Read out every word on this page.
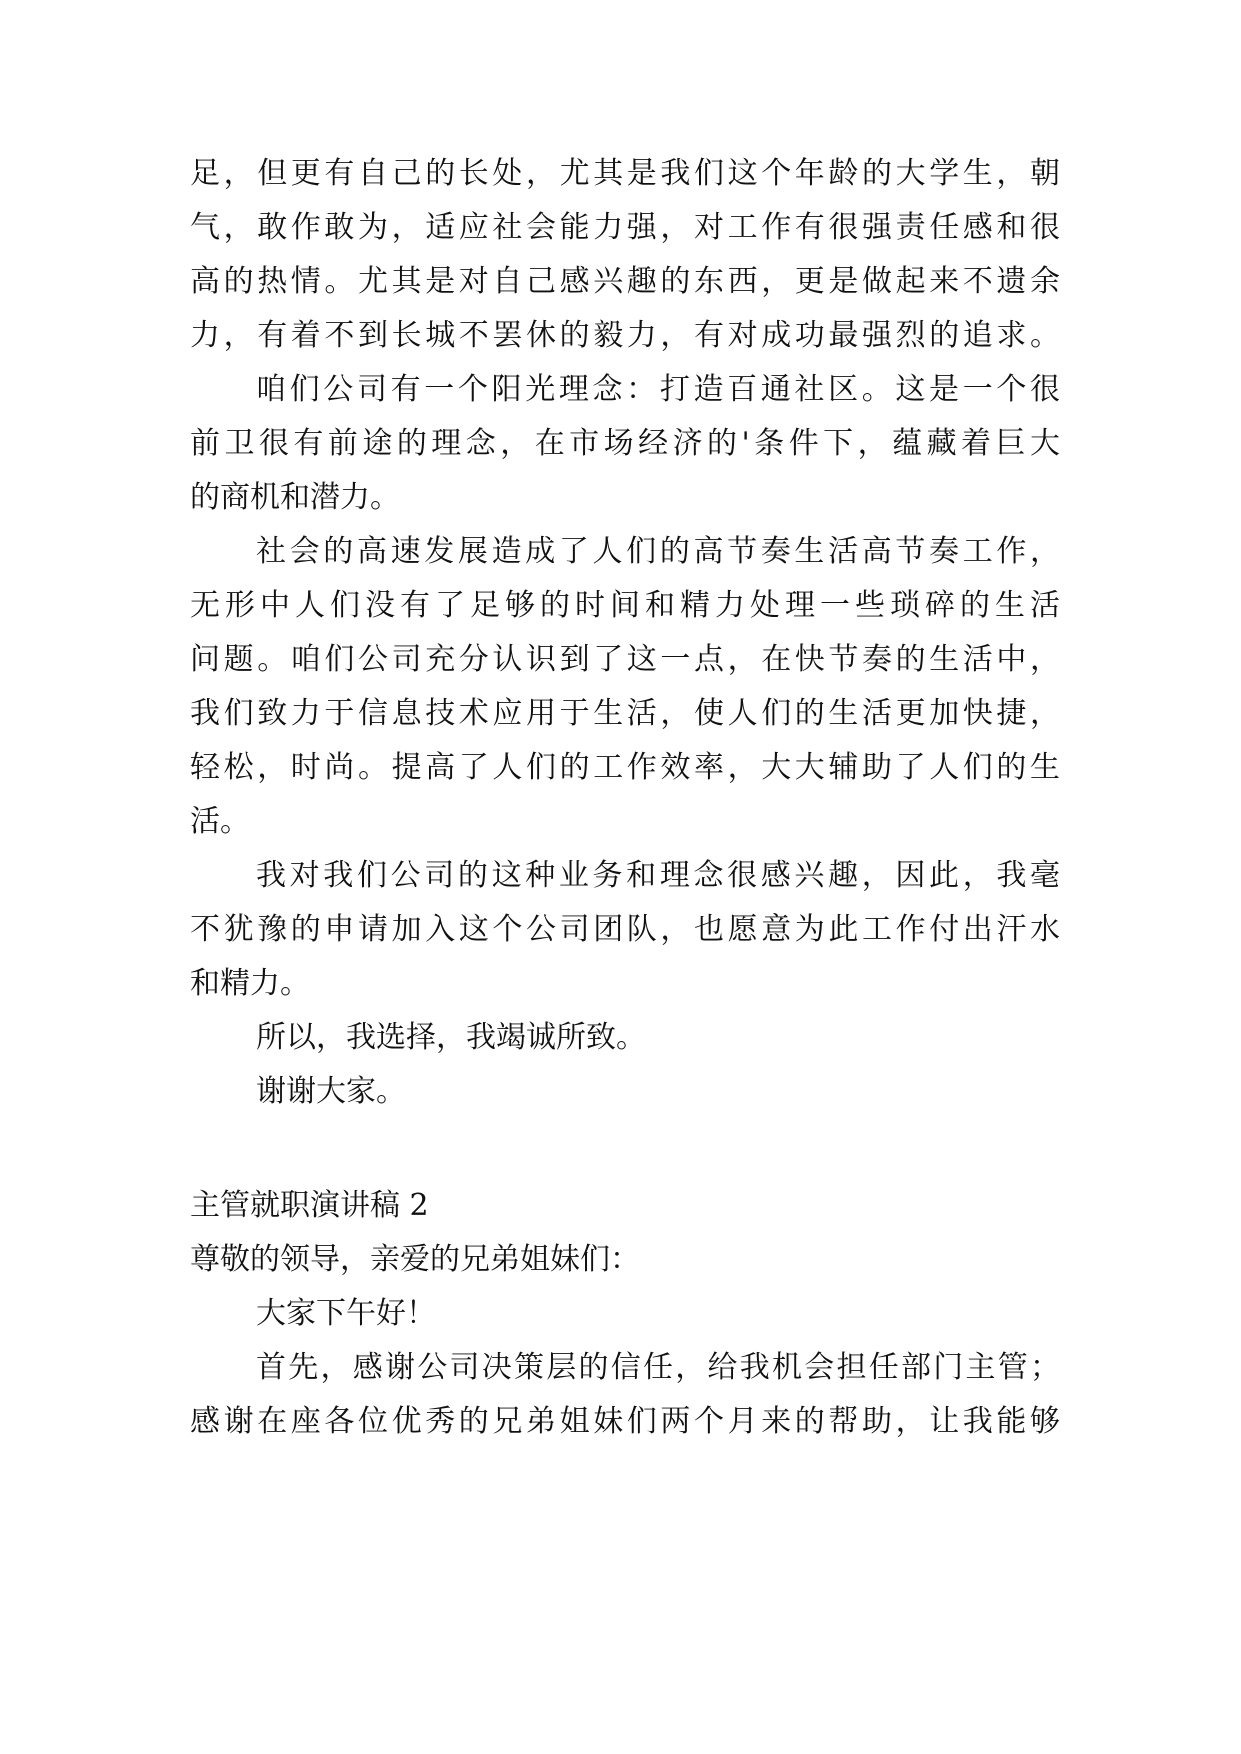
足，但更有自己的长处，尤其是我们这个年龄的大学生，朝
气，敢作敢为，适应社会能力强，对工作有很强责任感和很
高的热情。尤其是对自己感兴趣的东西，更是做起来不遗余
力，有着不到长城不罢休的毅力，有对成功最强烈的追求。
咱们公司有一个阳光理念：打造百通社区。这是一个很
前卫很有前途的理念，在市场经济的'条件下，蕴藏着巨大
的商机和潜力。
社会的高速发展造成了人们的高节奏生活高节奏工作，
无形中人们没有了足够的时间和精力处理一些琐碎的生活
问题。咱们公司充分认识到了这一点，在快节奏的生活中，
我们致力于信息技术应用于生活，使人们的生活更加快捷，
轻松，时尚。提高了人们的工作效率，大大辅助了人们的生
活。
我对我们公司的这种业务和理念很感兴趣，因此，我毫
不犹豫的申请加入这个公司团队，也愿意为此工作付出汗水
和精力。
所以，我选择，我竭诚所致。
谢谢大家。
主管就职演讲稿 2
尊敬的领导，亲爱的兄弟姐妹们：
大家下午好！
首先，感谢公司决策层的信任，给我机会担任部门主管；
感谢在座各位优秀的兄弟姐妹们两个月来的帮助，让我能够
